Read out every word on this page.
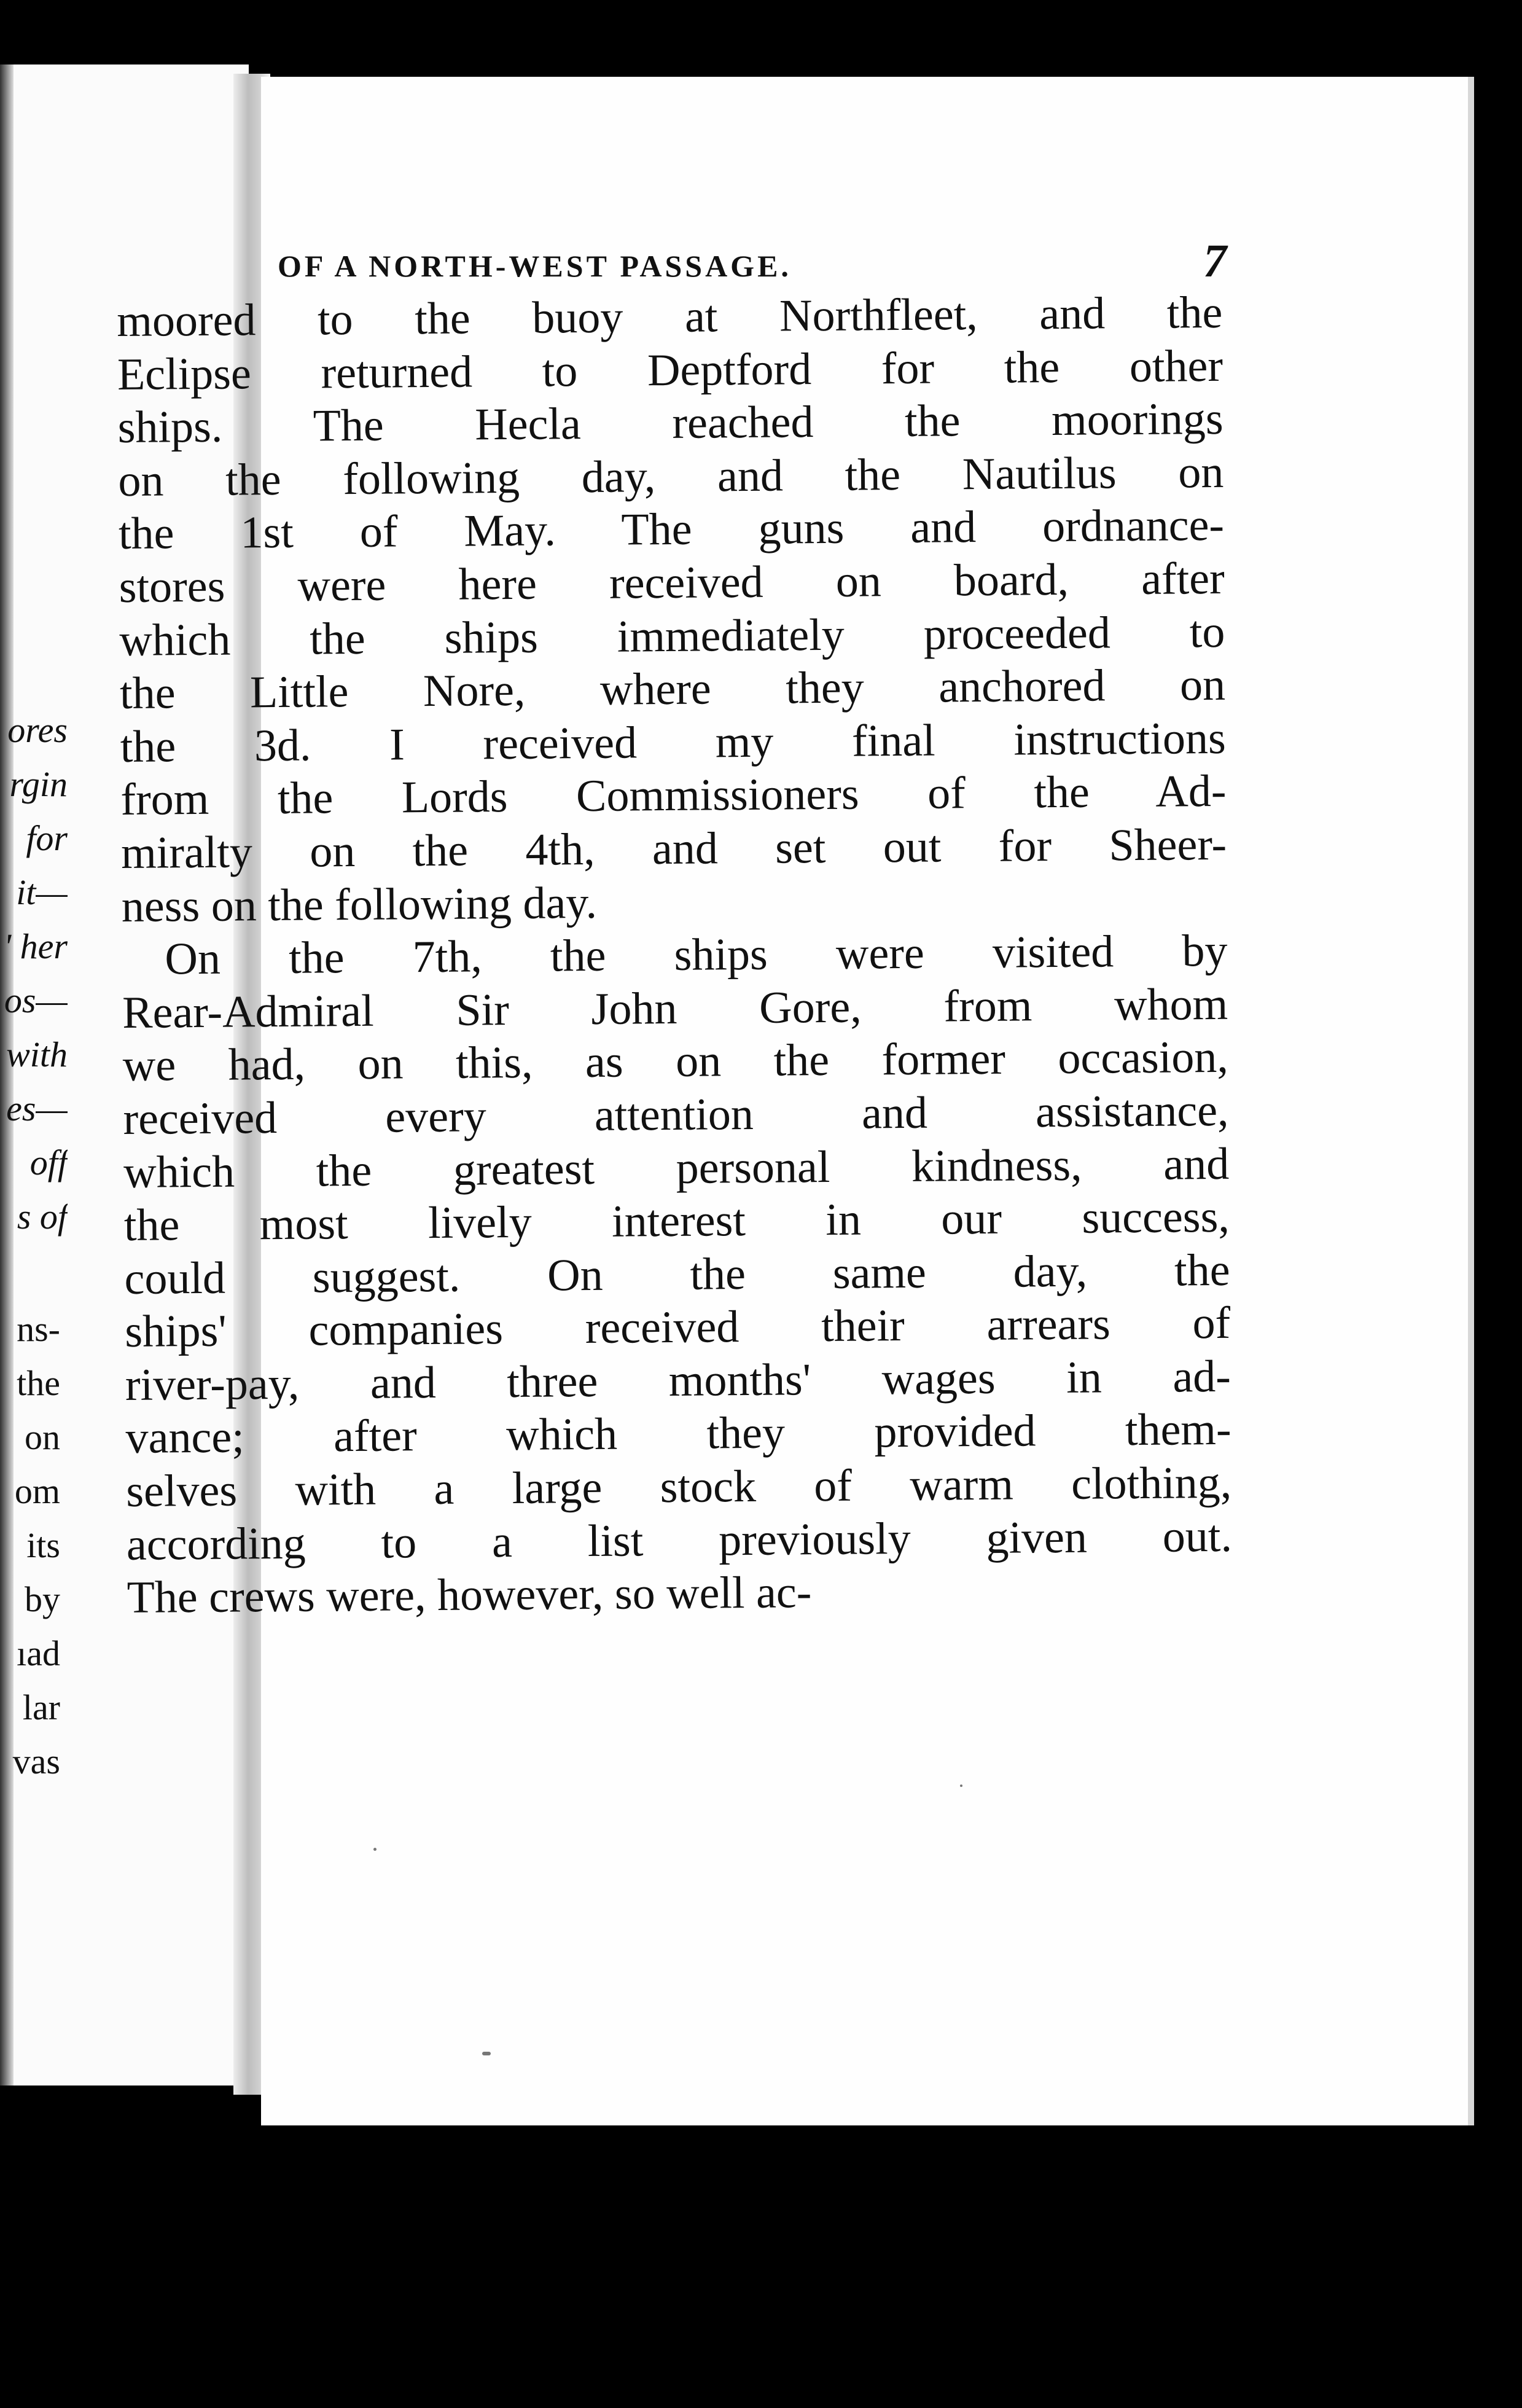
ores
rgin
for
it—
' her
os—
with
es—
off
s of
ns-
the
on
om
its
by
ıad
lar
vas
OF A NORTH-WEST PASSAGE.	7
moored to the buoy at Northfleet, and the
Eclipse returned to Deptford for the other
ships. The Hecla reached the moorings
on the following day, and the Nautilus on
the 1st of May. The guns and ordnance-
stores were here received on board, after
which the ships immediately proceeded to
the Little Nore, where they anchored on
the 3d. I received my final instructions
from the Lords Commissioners of the Ad-
miralty on the 4th, and set out for Sheer-
ness on the following day.
On the 7th, the ships were visited by
Rear-Admiral Sir John Gore, from whom
we had, on this, as on the former occasion,
received every attention and assistance,
which the greatest personal kindness, and
the most lively interest in our success,
could suggest. On the same day, the
ships' companies received their arrears of
river-pay, and three months' wages in ad-
vance; after which they provided them-
selves with a large stock of warm clothing,
according to a list previously given out.
The crews were, however, so well ac-
